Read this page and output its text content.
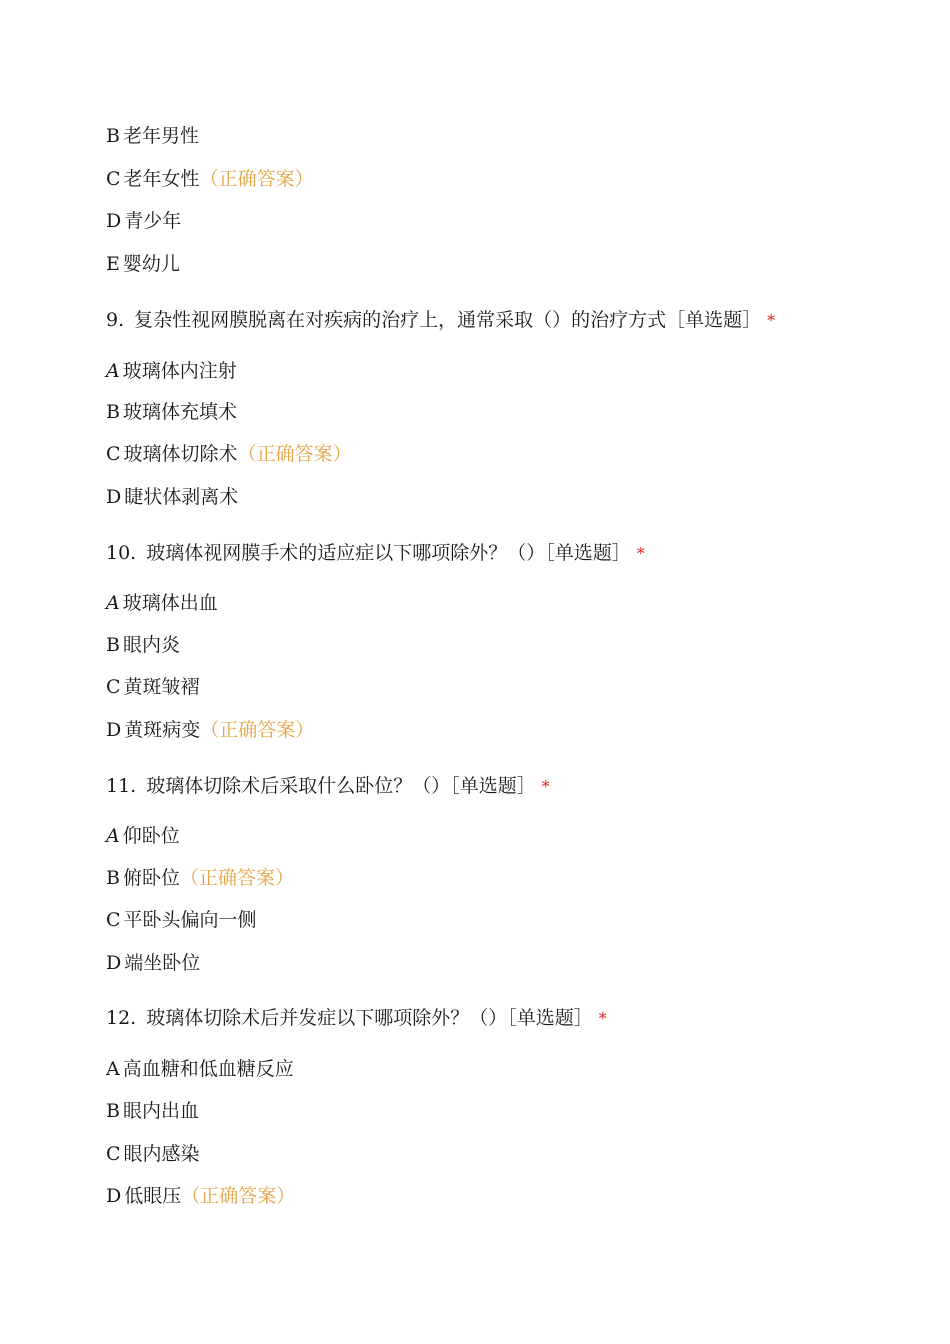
B 老年男性
C 老年女性（正确答案）
D 青少年
E 婴幼儿
9. 复杂性视网膜脱离在对疾病的治疗上，通常采取（）的治疗方式［单选题］ *
A 玻璃体内注射
B 玻璃体充填术
C 玻璃体切除术（正确答案）
D 睫状体剥离术
10. 玻璃体视网膜手术的适应症以下哪项除外？（）［单选题］ *
A 玻璃体出血
B 眼内炎
C 黄斑皱褶
D 黄斑病变（正确答案）
11. 玻璃体切除术后采取什么卧位？（）［单选题］ *
A 仰卧位
B 俯卧位（正确答案）
C 平卧头偏向一侧
D 端坐卧位
12. 玻璃体切除术后并发症以下哪项除外？（）［单选题］ *
A 高血糖和低血糖反应
B 眼内出血
C 眼内感染
D 低眼压（正确答案）
